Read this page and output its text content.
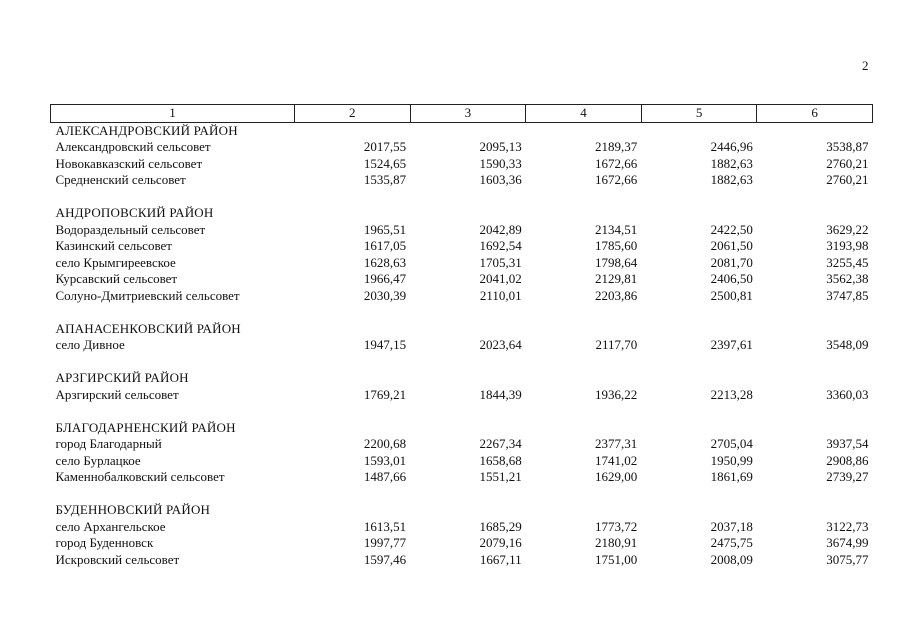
2
1	2	3	4	5	6
АЛЕКСАНДРОВСКИЙ РАЙОН					
Александровский сельсовет	2017,55	2095,13	2189,37	2446,96	3538,87
Новокавказский сельсовет	1524,65	1590,33	1672,66	1882,63	2760,21
Средненский сельсовет	1535,87	1603,36	1672,66	1882,63	2760,21

АНДРОПОВСКИЙ РАЙОН					
Водораздельный сельсовет	1965,51	2042,89	2134,51	2422,50	3629,22
Казинский сельсовет	1617,05	1692,54	1785,60	2061,50	3193,98
село Крымгиреевское	1628,63	1705,31	1798,64	2081,70	3255,45
Курсавский сельсовет	1966,47	2041,02	2129,81	2406,50	3562,38
Солуно-Дмитриевский сельсовет	2030,39	2110,01	2203,86	2500,81	3747,85

АПАНАСЕНКОВСКИЙ РАЙОН					
село Дивное	1947,15	2023,64	2117,70	2397,61	3548,09

АРЗГИРСКИЙ РАЙОН					
Арзгирский сельсовет	1769,21	1844,39	1936,22	2213,28	3360,03

БЛАГОДАРНЕНСКИЙ РАЙОН					
город Благодарный	2200,68	2267,34	2377,31	2705,04	3937,54
село Бурлацкое	1593,01	1658,68	1741,02	1950,99	2908,86
Каменнобалковский сельсовет	1487,66	1551,21	1629,00	1861,69	2739,27

БУДЕННОВСКИЙ РАЙОН					
село Архангельское	1613,51	1685,29	1773,72	2037,18	3122,73
город Буденновск	1997,77	2079,16	2180,91	2475,75	3674,99
Искровский сельсовет	1597,46	1667,11	1751,00	2008,09	3075,77
